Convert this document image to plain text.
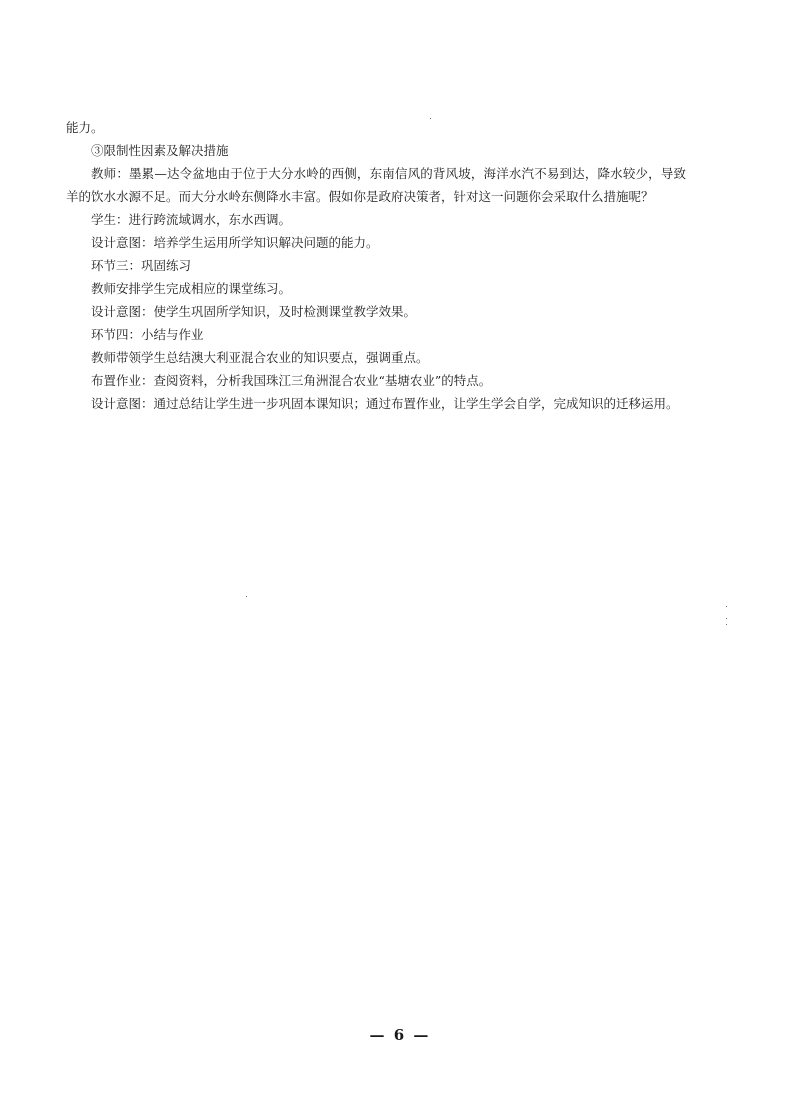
能力。

③限制性因素及解决措施

教师：墨累—达令盆地由于位于大分水岭的西侧，东南信风的背风坡，海洋水汽不易到达，降水较少，导致羊的饮水水源不足。而大分水岭东侧降水丰富。假如你是政府决策者，针对这一问题你会采取什么措施呢？

学生：进行跨流域调水，东水西调。

设计意图：培养学生运用所学知识解决问题的能力。

环节三：巩固练习

教师安排学生完成相应的课堂练习。

设计意图：使学生巩固所学知识，及时检测课堂教学效果。

环节四：小结与作业

教师带领学生总结澳大利亚混合农业的知识要点，强调重点。

布置作业：查阅资料，分析我国珠江三角洲混合农业“基塘农业”的特点。

设计意图：通过总结让学生进一步巩固本课知识；通过布置作业，让学生学会自学，完成知识的迁移运用。

— 6 —
